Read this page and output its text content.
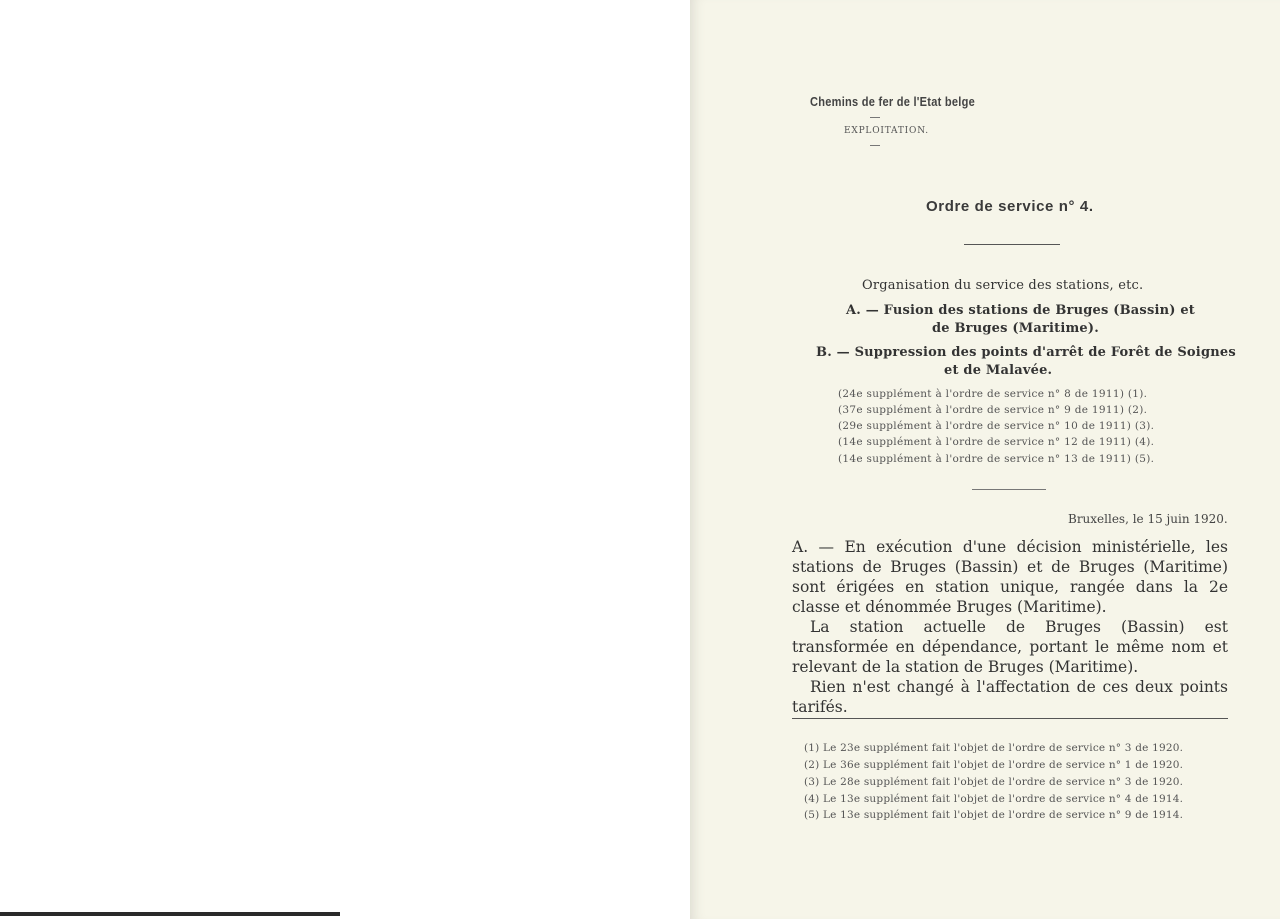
Chemins de fer de l'Etat belge
EXPLOITATION.
Ordre de service n° 4.
Organisation du service des stations, etc.
A. — Fusion des stations de Bruges (Bassin) et
de Bruges (Maritime).
B. — Suppression des points d'arrêt de Forêt de Soignes
et de Malavée.
(24e supplément à l'ordre de service n° 8 de 1911) (1).
(37e supplément à l'ordre de service n° 9 de 1911) (2).
(29e supplément à l'ordre de service n° 10 de 1911) (3).
(14e supplément à l'ordre de service n° 12 de 1911) (4).
(14e supplément à l'ordre de service n° 13 de 1911) (5).
Bruxelles, le 15 juin 1920.

A. — En exécution d'une décision ministérielle, les stations de Bruges (Bassin) et de Bruges (Maritime) sont érigées en station unique, rangée dans la 2e classe et dénommée Bruges (Maritime).

La station actuelle de Bruges (Bassin) est transformée en dépendance, portant le même nom et relevant de la station de Bruges (Maritime).

Rien n'est changé à l'affectation de ces deux points tarifés.

(1) Le 23e supplément fait l'objet de l'ordre de service n° 3 de 1920.
(2) Le 36e supplément fait l'objet de l'ordre de service n° 1 de 1920.
(3) Le 28e supplément fait l'objet de l'ordre de service n° 3 de 1920.
(4) Le 13e supplément fait l'objet de l'ordre de service n° 4 de 1914.
(5) Le 13e supplément fait l'objet de l'ordre de service n° 9 de 1914.
